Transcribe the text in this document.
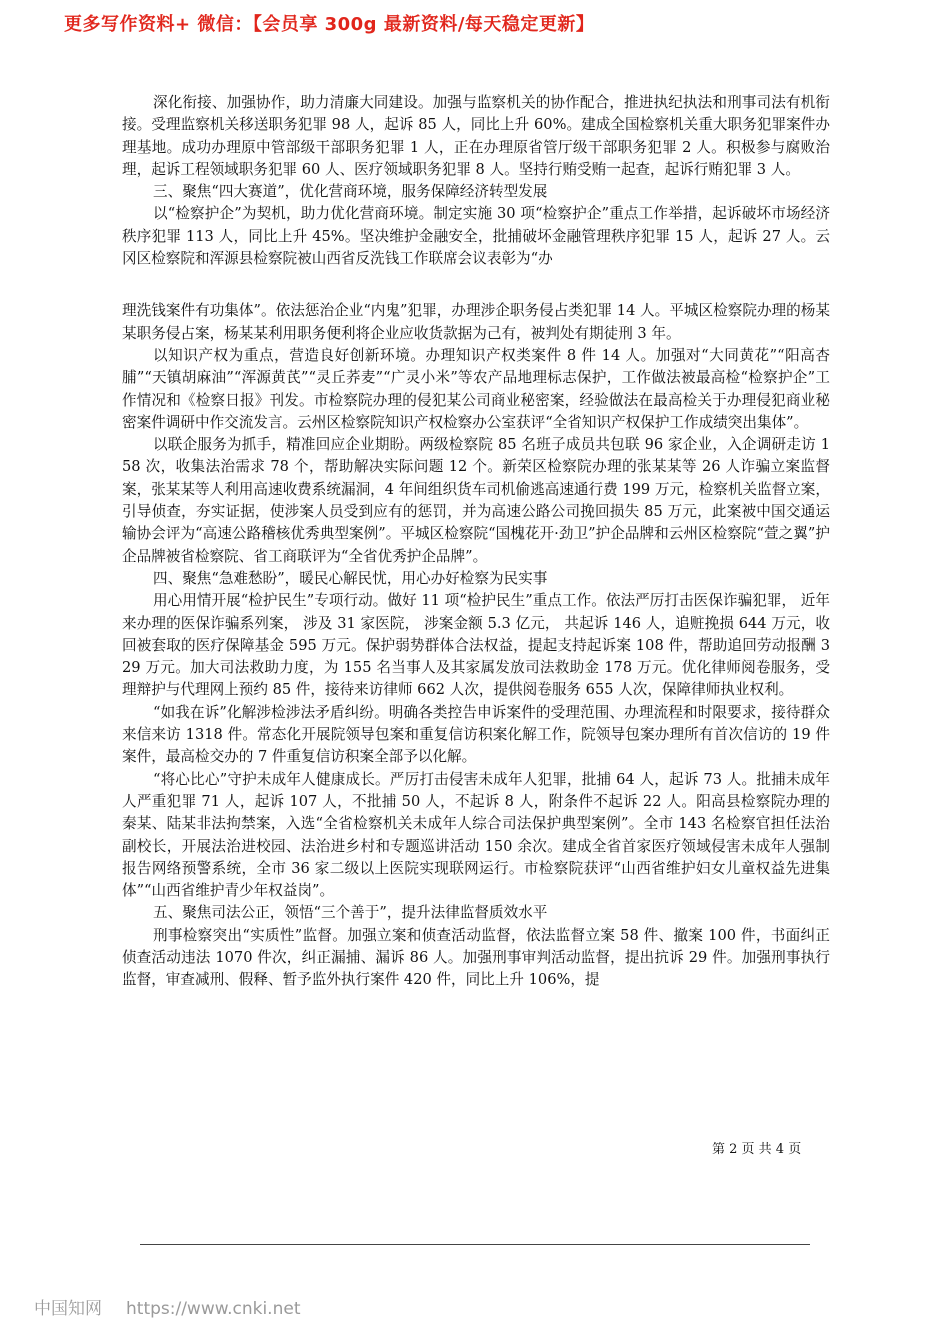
更多写作资料+ 微信：【会员享 300g 最新资料/每天稳定更新】

深化衔接、加强协作，助力清廉大同建设。加强与监察机关的协作配合，推进执纪执法和刑事司法有机衔接。受理监察机关移送职务犯罪 98 人，起诉 85 人，同比上升 60%。建成全国检察机关重大职务犯罪案件办理基地。成功办理原中管部级干部职务犯罪 1 人，正在办理原省管厅级干部职务犯罪 2 人。积极参与腐败治理，起诉工程领域职务犯罪 60 人、医疗领域职务犯罪 8 人。坚持行贿受贿一起查，起诉行贿犯罪 3 人。

三、聚焦“四大赛道”，优化营商环境，服务保障经济转型发展

以“检察护企”为契机，助力优化营商环境。制定实施 30 项“检察护企”重点工作举措，起诉破坏市场经济秩序犯罪 113 人，同比上升 45%。坚决维护金融安全，批捕破坏金融管理秩序犯罪 15 人，起诉 27 人。云冈区检察院和浑源县检察院被山西省反洗钱工作联席会议表彰为“办

理洗钱案件有功集体”。依法惩治企业“内鬼”犯罪，办理涉企职务侵占类犯罪 14 人。平城区检察院办理的杨某某职务侵占案，杨某某利用职务便利将企业应收货款据为己有，被判处有期徒刑 3 年。

以知识产权为重点，营造良好创新环境。办理知识产权类案件 8 件 14 人。加强对“大同黄花”“阳高杏脯”“天镇胡麻油”“浑源黄芪”“灵丘荞麦”“广灵小米”等农产品地理标志保护，工作做法被最高检“检察护企”工作情况和《检察日报》刊发。市检察院办理的侵犯某公司商业秘密案，经验做法在最高检关于办理侵犯商业秘密案件调研中作交流发言。云州区检察院知识产权检察办公室获评“全省知识产权保护工作成绩突出集体”。

以联企服务为抓手，精准回应企业期盼。两级检察院 85 名班子成员共包联 96 家企业，入企调研走访 158 次，收集法治需求 78 个，帮助解决实际问题 12 个。新荣区检察院办理的张某某等 26 人诈骗立案监督案，张某某等人利用高速收费系统漏洞，4 年间组织货车司机偷逃高速通行费 199 万元，检察机关监督立案，引导侦查，夯实证据，使涉案人员受到应有的惩罚，并为高速公路公司挽回损失 85 万元，此案被中国交通运输协会评为“高速公路稽核优秀典型案例”。平城区检察院“国槐花开·劲卫”护企品牌和云州区检察院“萱之翼”护企品牌被省检察院、省工商联评为“全省优秀护企品牌”。

四、聚焦“急难愁盼”，暖民心解民忧，用心办好检察为民实事

用心用情开展“检护民生”专项行动。做好 11 项“检护民生”重点工作。依法严厉打击医保诈骗犯罪， 近年来办理的医保诈骗系列案， 涉及 31 家医院， 涉案金额 5.3 亿元， 共起诉 146 人，追赃挽损 644 万元，收回被套取的医疗保障基金 595 万元。保护弱势群体合法权益，提起支持起诉案 108 件，帮助追回劳动报酬 329 万元。加大司法救助力度，为 155 名当事人及其家属发放司法救助金 178 万元。优化律师阅卷服务，受理辩护与代理网上预约 85 件，接待来访律师 662 人次，提供阅卷服务 655 人次，保障律师执业权利。

“如我在诉”化解涉检涉法矛盾纠纷。明确各类控告申诉案件的受理范围、办理流程和时限要求，接待群众来信来访 1318 件。常态化开展院领导包案和重复信访积案化解工作，院领导包案办理所有首次信访的 19 件案件，最高检交办的 7 件重复信访积案全部予以化解。

“将心比心”守护未成年人健康成长。严厉打击侵害未成年人犯罪，批捕 64 人，起诉 73 人。批捕未成年人严重犯罪 71 人，起诉 107 人，不批捕 50 人，不起诉 8 人，附条件不起诉 22 人。阳高县检察院办理的秦某、陆某非法拘禁案，入选“全省检察机关未成年人综合司法保护典型案例”。全市 143 名检察官担任法治副校长，开展法治进校园、法治进乡村和专题巡讲活动 150 余次。建成全省首家医疗领域侵害未成年人强制报告网络预警系统，全市 36 家二级以上医院实现联网运行。市检察院获评“山西省维护妇女儿童权益先进集体”“山西省维护青少年权益岗”。

五、聚焦司法公正，领悟“三个善于”，提升法律监督质效水平

刑事检察突出“实质性”监督。加强立案和侦查活动监督，依法监督立案 58 件、撤案 100 件，书面纠正侦查活动违法 1070 件次，纠正漏捕、漏诉 86 人。加强刑事审判活动监督，提出抗诉 29 件。加强刑事执行监督，审查减刑、假释、暂予监外执行案件 420 件，同比上升 106%，提

第 2 页 共 4 页
中国知网 https://www.cnki.net
